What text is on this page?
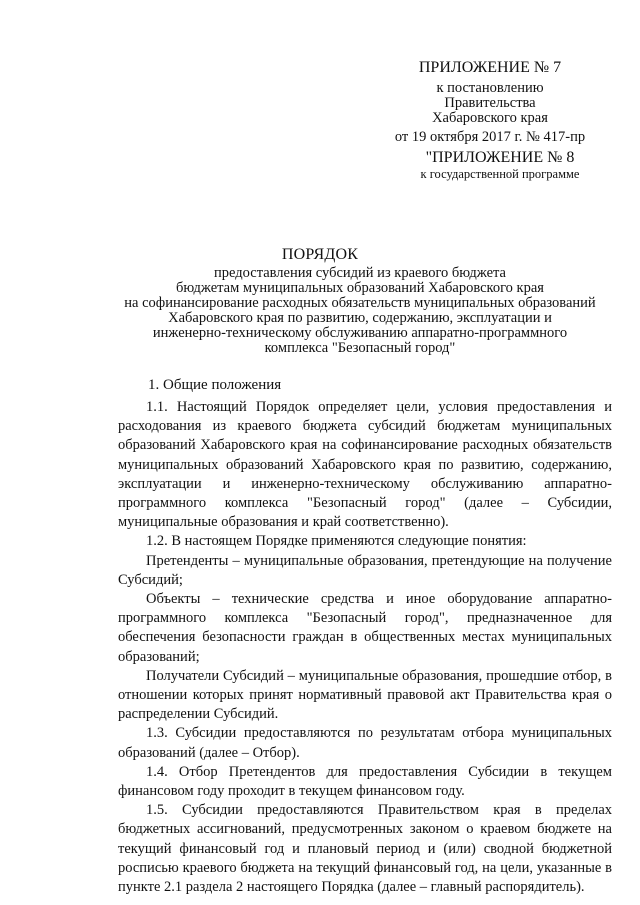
ПРИЛОЖЕНИЕ № 7
к постановлению
Правительства
Хабаровского края
от 19 октября 2017 г. № 417-пр
"ПРИЛОЖЕНИЕ № 8
к государственной программе
ПОРЯДОК
предоставления субсидий из краевого бюджета
бюджетам муниципальных образований Хабаровского края
на софинансирование расходных обязательств муниципальных образований
Хабаровского края по развитию, содержанию, эксплуатации и
инженерно-техническому обслуживанию аппаратно-программного
комплекса "Безопасный город"
1. Общие положения

1.1. Настоящий Порядок определяет цели, условия предоставления и расходования из краевого бюджета субсидий бюджетам муниципальных образований Хабаровского края на софинансирование расходных обязательств муниципальных образований Хабаровского края по развитию, содержанию, эксплуатации и инженерно-техническому обслуживанию аппаратно-программного комплекса "Безопасный город" (далее – Субсидии, муниципальные образования и край соответственно).

1.2. В настоящем Порядке применяются следующие понятия:

Претенденты – муниципальные образования, претендующие на получение Субсидий;

Объекты – технические средства и иное оборудование аппаратно-программного комплекса "Безопасный город", предназначенное для обеспечения безопасности граждан в общественных местах муниципальных образований;

Получатели Субсидий – муниципальные образования, прошедшие отбор, в отношении которых принят нормативный правовой акт Правительства края о распределении Субсидий.

1.3. Субсидии предоставляются по результатам отбора муниципальных образований (далее – Отбор).

1.4. Отбор Претендентов для предоставления Субсидии в текущем финансовом году проходит в текущем финансовом году.

1.5. Субсидии предоставляются Правительством края в пределах бюджетных ассигнований, предусмотренных законом о краевом бюджете на текущий финансовый год и плановый период и (или) сводной бюджетной росписью краевого бюджета на текущий финансовый год, на цели, указанные в пункте 2.1 раздела 2 настоящего Порядка (далее – главный распорядитель).
